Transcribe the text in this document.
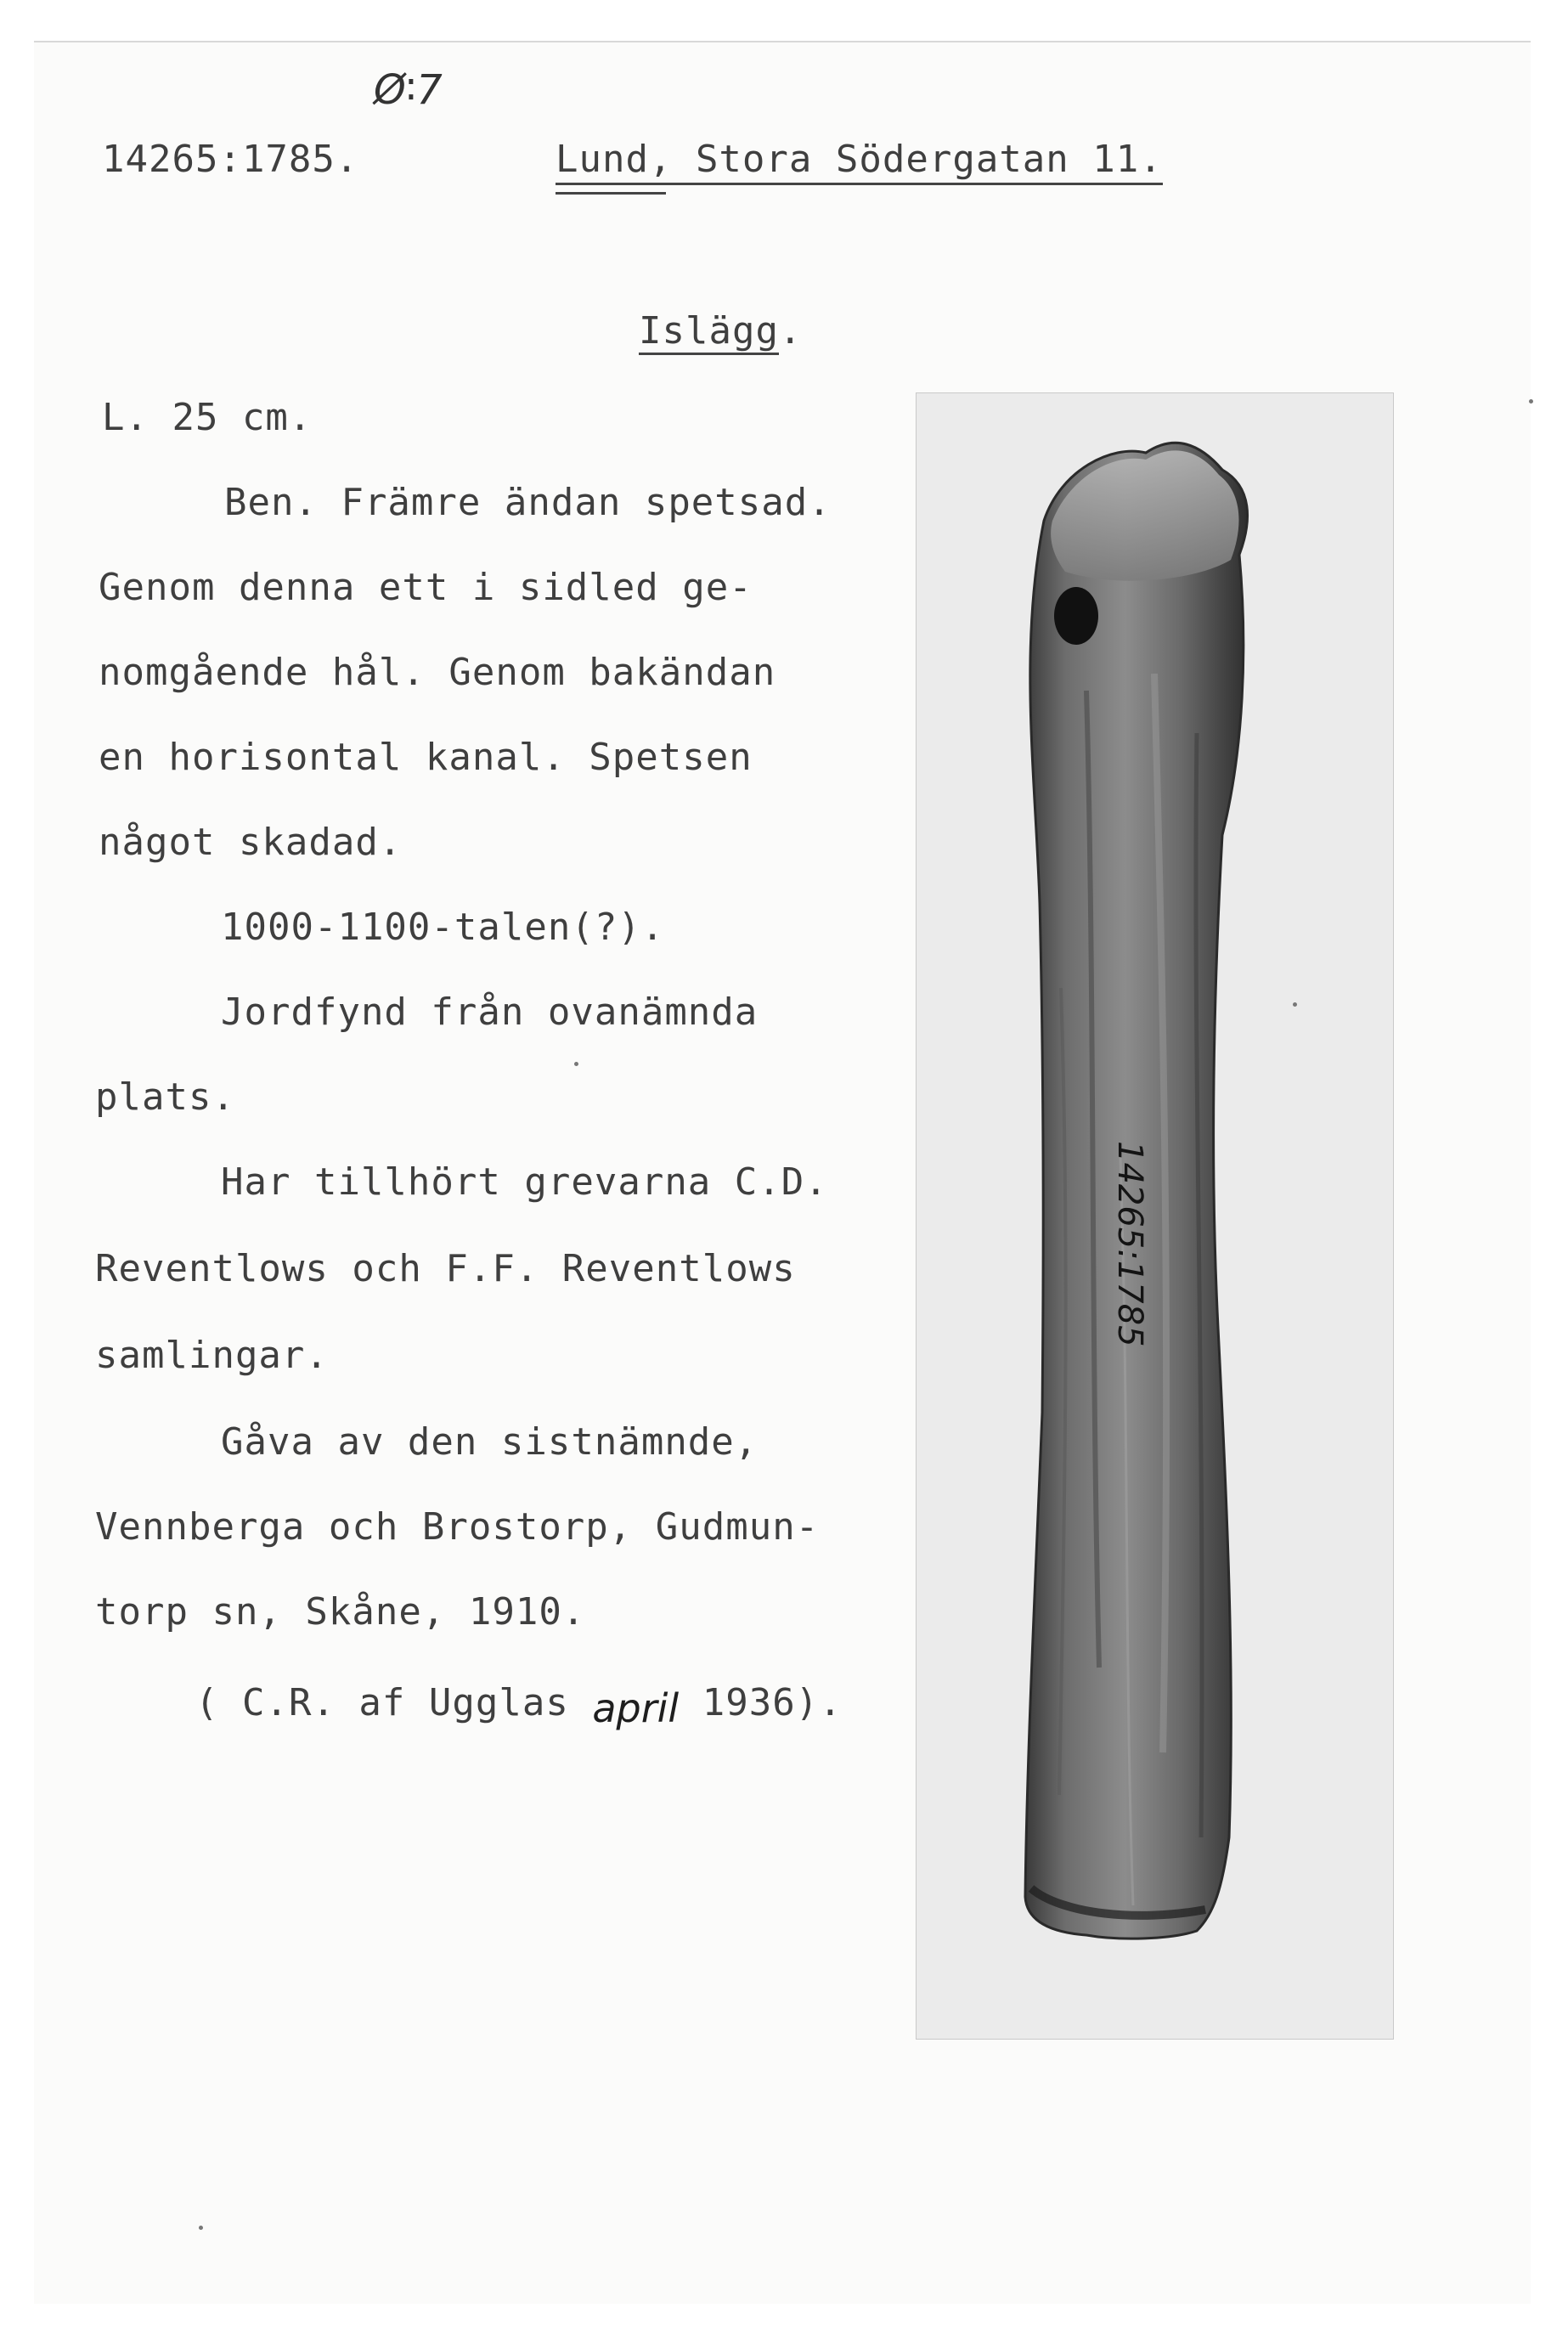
Ø∶7
14265:1785.	Lund, Stora Södergatan 11.
Islägg.
L. 25 cm.
Ben. Främre ändan spetsad.
Genom denna ett i sidled ge-
nomgående hål. Genom bakändan
en horisontal kanal. Spetsen
något skadad.
1000-1100-talen(?).
Jordfynd från ovanämnda
plats.
Har tillhört grevarna C.D.
Reventlows och F.F. Reventlows
samlingar.
Gåva av den sistnämnde,
Vennberga och Brostorp, Gudmun-
torp sn, Skåne, 1910.
( C.R. af Ugglas april 1936).
14265:1785
